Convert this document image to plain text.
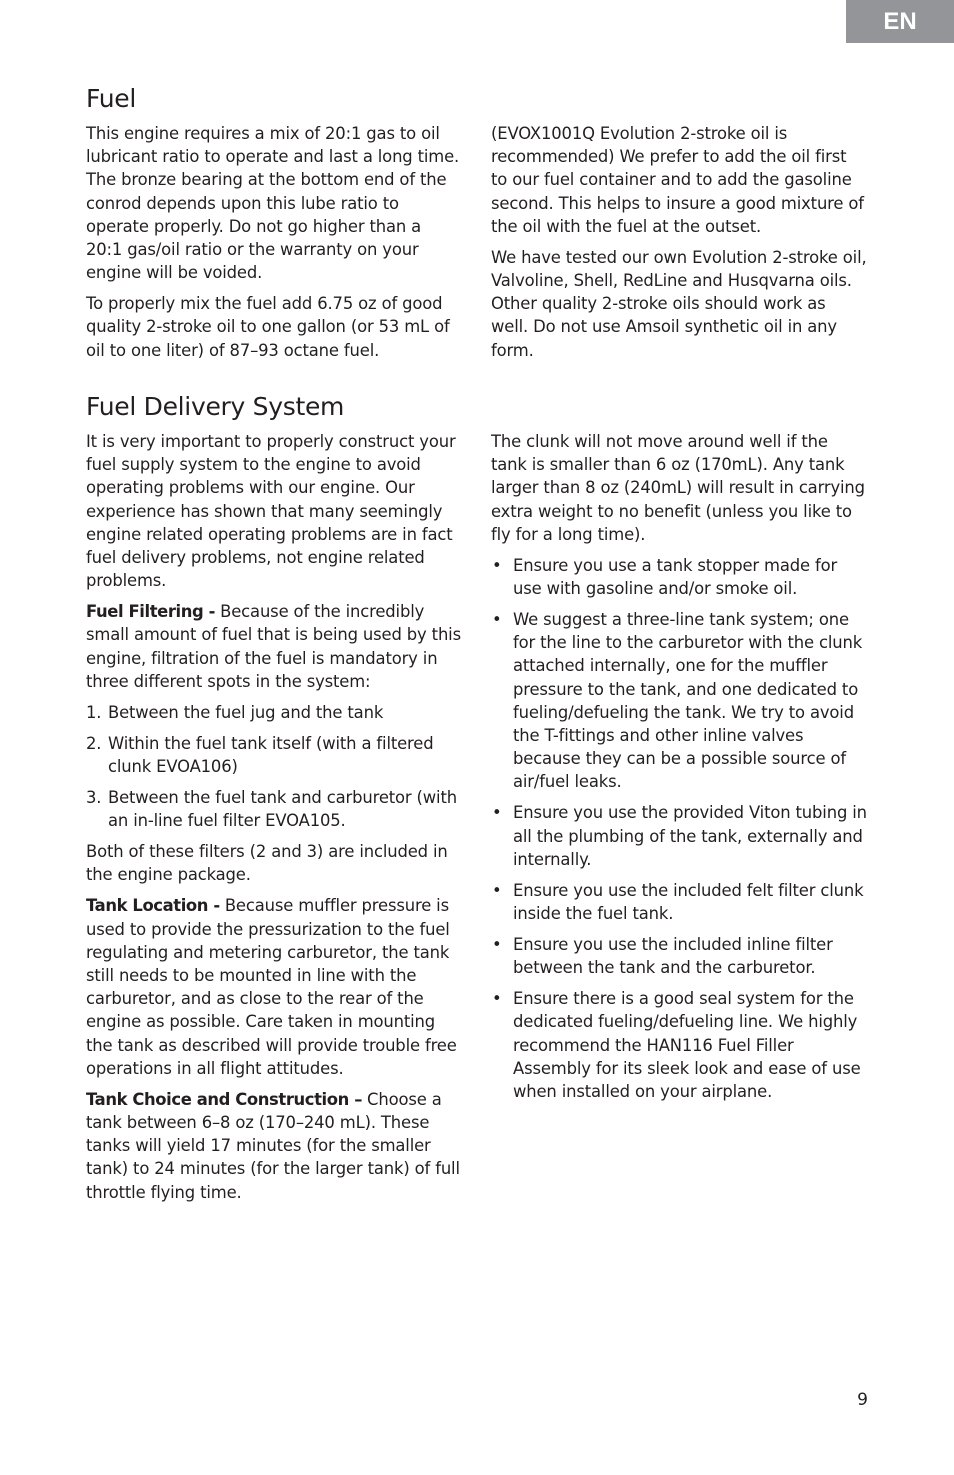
EN
Fuel

This engine requires a mix of 20:1 gas to oil lubricant ratio to operate and last a long time. The bronze bearing at the bottom end of the conrod depends upon this lube ratio to operate properly. Do not go higher than a 20:1 gas/oil ratio or the warranty on your engine will be voided.

To properly mix the fuel add 6.75 oz of good quality 2-stroke oil to one gallon (or 53 mL of oil to one liter) of 87–93 octane fuel.

(EVOX1001Q Evolution 2-stroke oil is recommended) We prefer to add the oil first to our fuel container and to add the gasoline second. This helps to insure a good mixture of the oil with the fuel at the outset.

We have tested our own Evolution 2-stroke oil, Valvoline, Shell, RedLine and Husqvarna oils. Other quality 2-stroke oils should work as well. Do not use Amsoil synthetic oil in any form.

Fuel Delivery System

It is very important to properly construct your fuel supply system to the engine to avoid operating problems with our engine. Our experience has shown that many seemingly engine related operating problems are in fact fuel delivery problems, not engine related problems.

Fuel Filtering - Because of the incredibly small amount of fuel that is being used by this engine, filtration of the fuel is mandatory in three different spots in the system:

1. Between the fuel jug and the tank
2. Within the fuel tank itself (with a filtered clunk EVOA106)
3. Between the fuel tank and carburetor (with an in-line fuel filter EVOA105.

Both of these filters (2 and 3) are included in the engine package.

Tank Location - Because muffler pressure is used to provide the pressurization to the fuel regulating and metering carburetor, the tank still needs to be mounted in line with the carburetor, and as close to the rear of the engine as possible. Care taken in mounting the tank as described will provide trouble free operations in all flight attitudes.

Tank Choice and Construction – Choose a tank between 6–8 oz (170–240 mL). These tanks will yield 17 minutes (for the smaller tank) to 24 minutes (for the larger tank) of full throttle flying time.

The clunk will not move around well if the tank is smaller than 6 oz (170mL). Any tank larger than 8 oz (240mL) will result in carrying extra weight to no benefit (unless you like to fly for a long time).

• Ensure you use a tank stopper made for use with gasoline and/or smoke oil.
• We suggest a three-line tank system; one for the line to the carburetor with the clunk attached internally, one for the muffler pressure to the tank, and one dedicated to fueling/defueling the tank. We try to avoid the T-fittings and other inline valves because they can be a possible source of air/fuel leaks.
• Ensure you use the provided Viton tubing in all the plumbing of the tank, externally and internally.
• Ensure you use the included felt filter clunk inside the fuel tank.
• Ensure you use the included inline filter between the tank and the carburetor.
• Ensure there is a good seal system for the dedicated fueling/defueling line. We highly recommend the HAN116 Fuel Filler Assembly for its sleek look and ease of use when installed on your airplane.
9
